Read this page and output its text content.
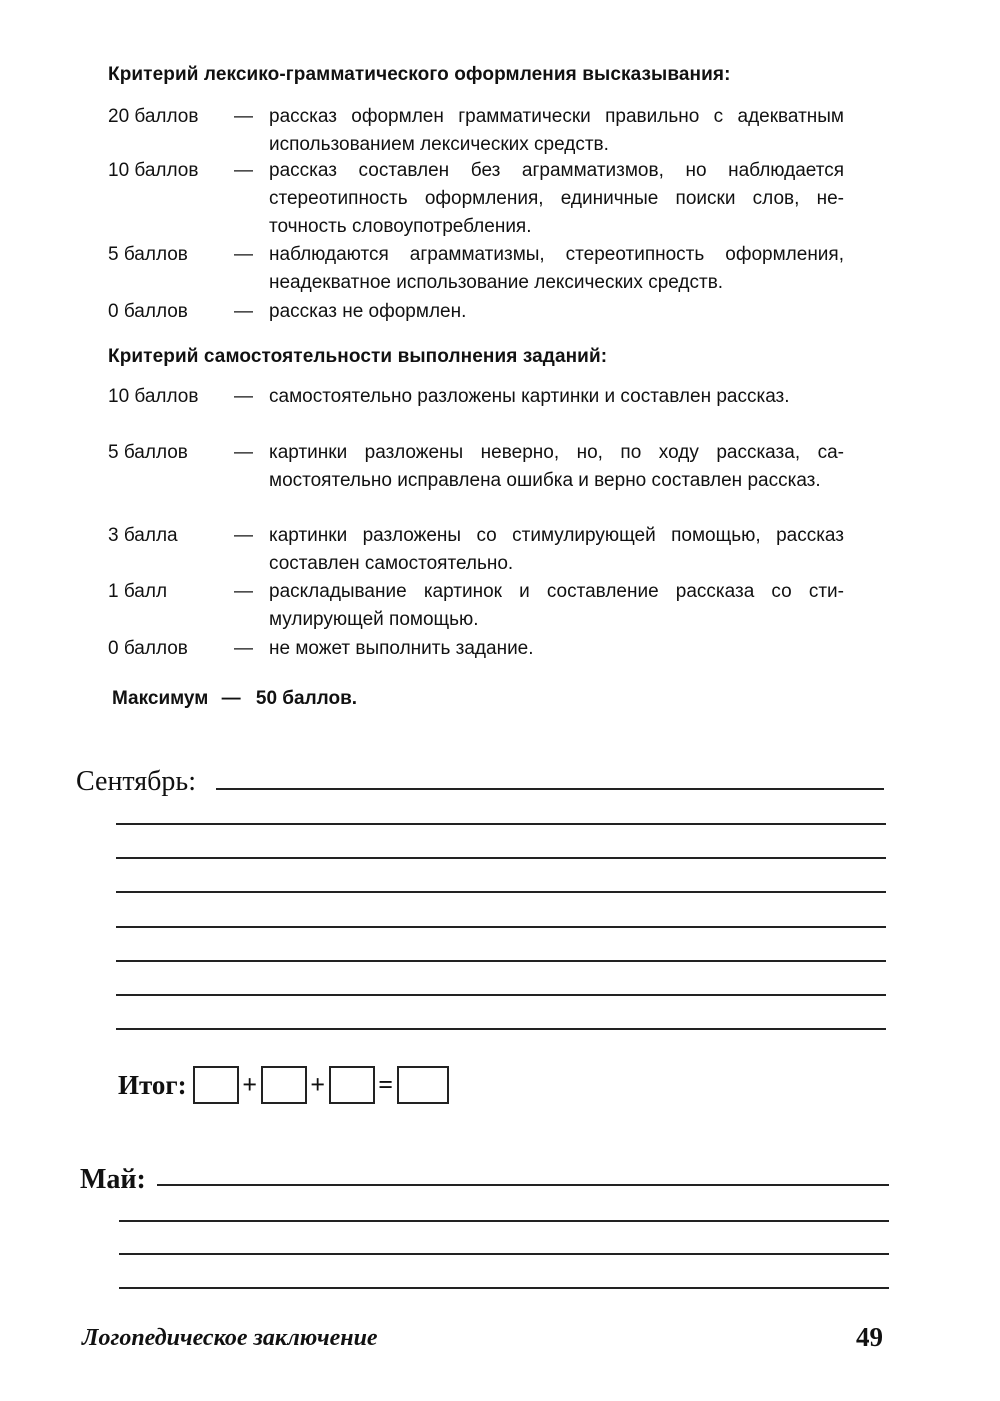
Критерий лексико-грамматического оформления высказывания:
20 баллов — рассказ оформлен грамматически правильно с адекватным использованием лексических средств.
10 баллов — рассказ составлен без аграмматизмов, но наблюдается стереотипность оформления, единичные поиски слов, неточность словоупотребления.
5 баллов — наблюдаются аграмматизмы, стереотипность оформления, неадекватное использование лексических средств.
0 баллов — рассказ не оформлен.
Критерий самостоятельности выполнения заданий:
10 баллов — самостоятельно разложены картинки и составлен рассказ.
5 баллов — картинки разложены неверно, но, по ходу рассказа, самостоятельно исправлена ошибка и верно составлен рассказ.
3 балла	— картинки разложены со стимулирующей помощью, рассказ составлен самостоятельно.
1 балл	— раскладывание картинок и составление рассказа со стимулирующей помощью.
0 баллов — не может выполнить задание.
Максимум — 50 баллов.
Сентябрь:
Итог: + + =
Май:
Логопедическое заключение	49
